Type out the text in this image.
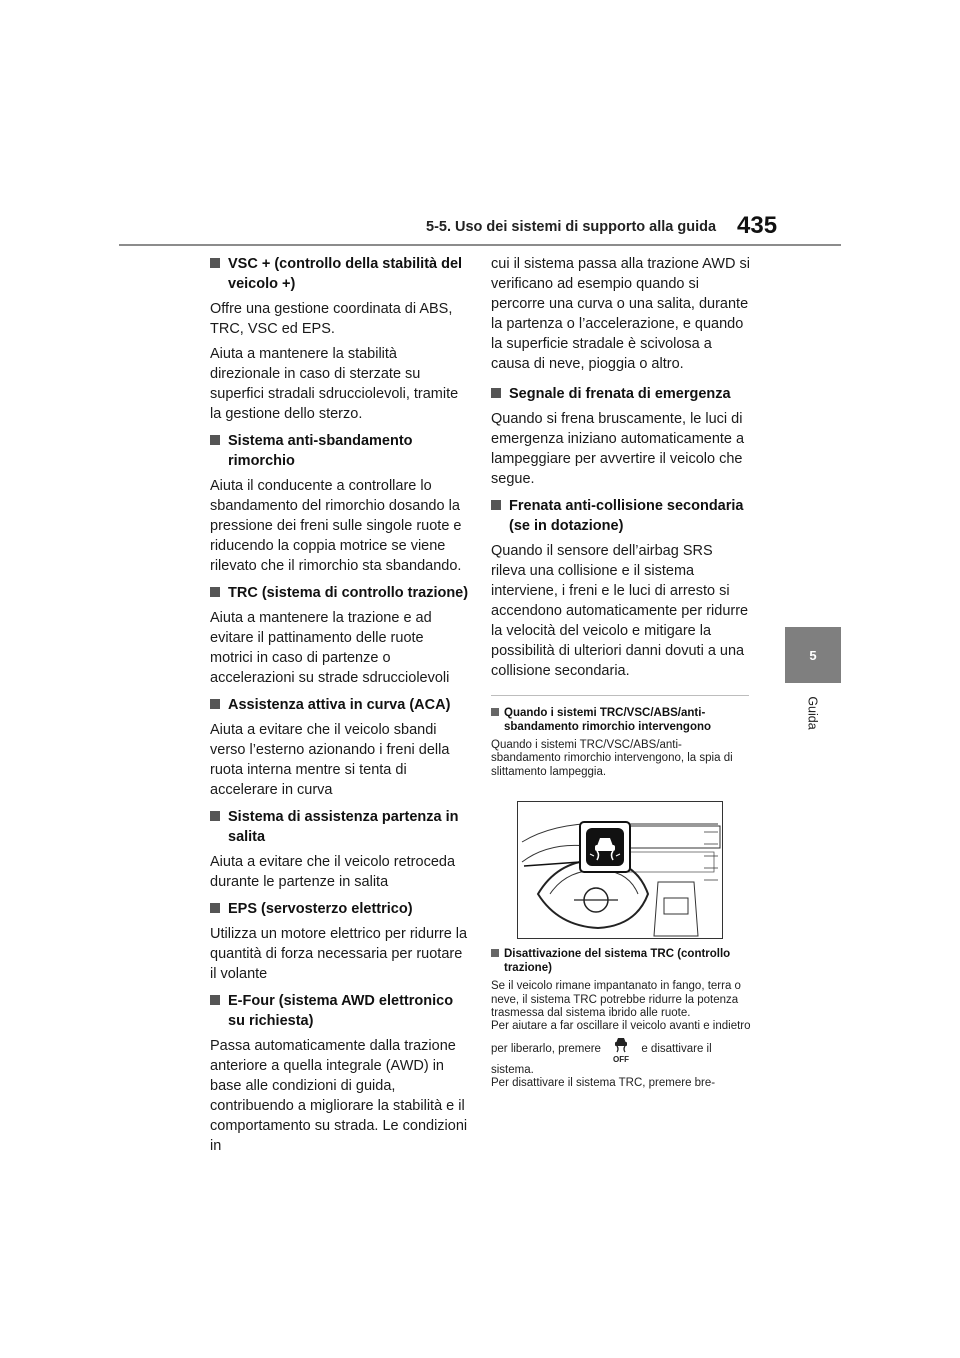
5-5. Uso dei sistemi di supporto alla guida 435
5
Guida
VSC + (controllo della stabilità del veicolo +)

Offre una gestione coordinata di ABS, TRC, VSC ed EPS.

Aiuta a mantenere la stabilità direzionale in caso di sterzate su superfici stradali sdrucciolevoli, tramite la gestione dello sterzo.

Sistema anti-sbandamento rimorchio

Aiuta il conducente a controllare lo sbandamento del rimorchio dosando la pressione dei freni sulle singole ruote e riducendo la coppia motrice se viene rilevato che il rimorchio sta sbandando.

TRC (sistema di controllo trazione)

Aiuta a mantenere la trazione e ad evitare il pattinamento delle ruote motrici in caso di partenze o accelerazioni su strade sdrucciolevoli

Assistenza attiva in curva (ACA)

Aiuta a evitare che il veicolo sbandi verso l’esterno azionando i freni della ruota interna mentre si tenta di accelerare in curva

Sistema di assistenza partenza in salita

Aiuta a evitare che il veicolo retroceda durante le partenze in salita

EPS (servosterzo elettrico)

Utilizza un motore elettrico per ridurre la quantità di forza necessaria per ruotare il volante

E-Four (sistema AWD elettronico su richiesta)

Passa automaticamente dalla trazione anteriore a quella integrale (AWD) in base alle condizioni di guida, contribuendo a migliorare la stabilità e il comportamento su strada. Le condizioni in

cui il sistema passa alla trazione AWD si verificano ad esempio quando si percorre una curva o una salita, durante la partenza o l’accelerazione, e quando la superficie stradale è scivolosa a causa di neve, pioggia o altro.

Segnale di frenata di emergenza

Quando si frena bruscamente, le luci di emergenza iniziano automaticamente a lampeggiare per avvertire il veicolo che segue.

Frenata anti-collisione secondaria (se in dotazione)

Quando il sensore dell’airbag SRS rileva una collisione e il sistema interviene, i freni e le luci di arresto si accendono automaticamente per ridurre la velocità del veicolo e mitigare la possibilità di ulteriori danni dovuti a una collisione secondaria.

Quando i sistemi TRC/VSC/ABS/anti-sbandamento rimorchio intervengono

Quando i sistemi TRC/VSC/ABS/anti-sbandamento rimorchio intervengono, la spia di slittamento lampeggia.

Disattivazione del sistema TRC (controllo trazione)

Se il veicolo rimane impantanato in fango, terra o neve, il sistema TRC potrebbe ridurre la potenza trasmessa dal sistema ibrido alle ruote.

Per aiutare a far oscillare il veicolo avanti e indietro per liberarlo, premere
OFF
e disattivare il sistema.

Per disattivare il sistema TRC, premere bre-
